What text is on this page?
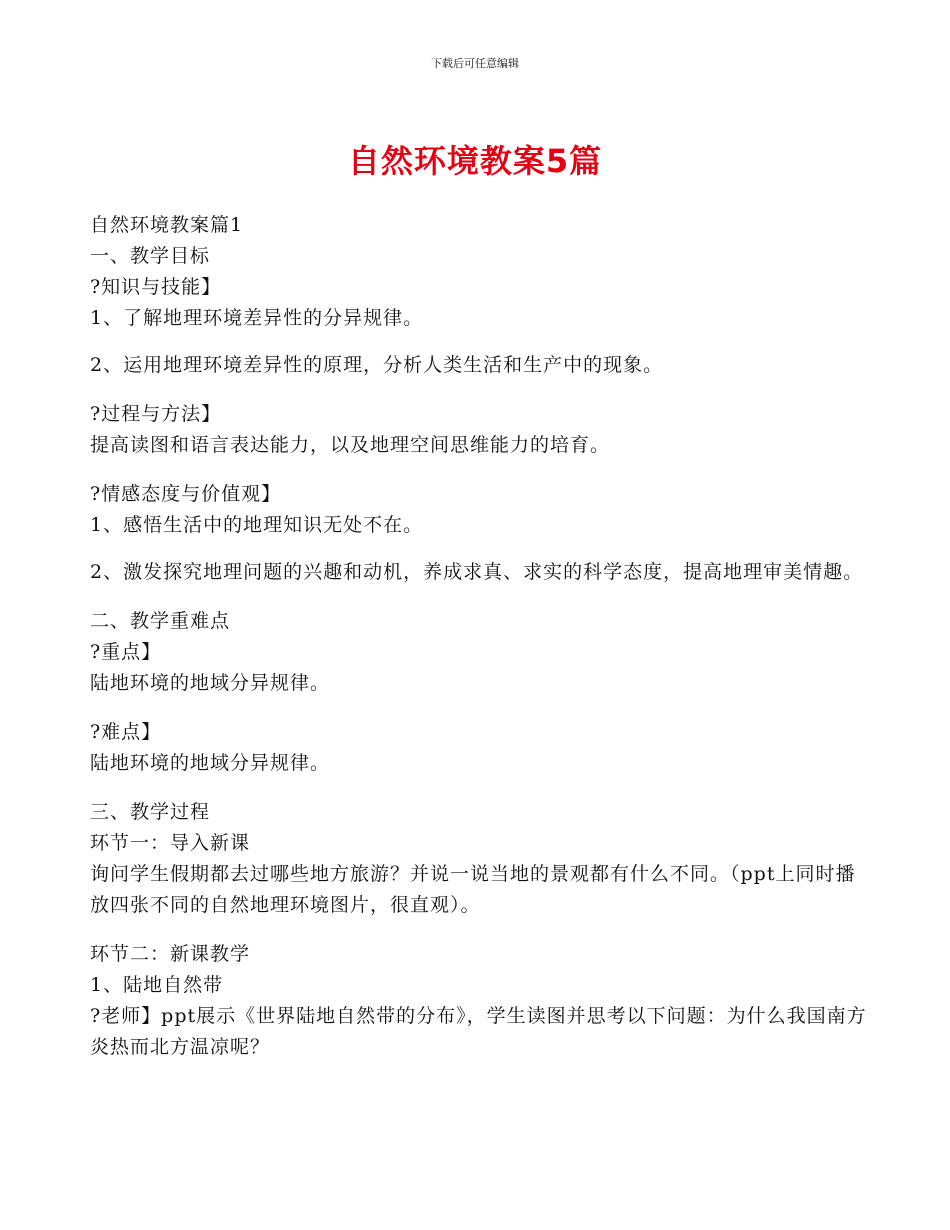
下载后可任意编辑
自然环境教案5篇
自然环境教案篇1
一、教学目标
?知识与技能】
1、了解地理环境差异性的分异规律。
2、运用地理环境差异性的原理，分析人类生活和生产中的现象。
?过程与方法】
提高读图和语言表达能力，以及地理空间思维能力的培育。
?情感态度与价值观】
1、感悟生活中的地理知识无处不在。
2、激发探究地理问题的兴趣和动机，养成求真、求实的科学态度，提高地理审美情趣。
二、教学重难点
?重点】
陆地环境的地域分异规律。
?难点】
陆地环境的地域分异规律。
三、教学过程
环节一：导入新课
询问学生假期都去过哪些地方旅游？并说一说当地的景观都有什么不同。（ppt上同时播放四张不同的自然地理环境图片，很直观）。
环节二：新课教学
1、陆地自然带
?老师】ppt展示《世界陆地自然带的分布》，学生读图并思考以下问题：为什么我国南方炎热而北方温凉呢？
